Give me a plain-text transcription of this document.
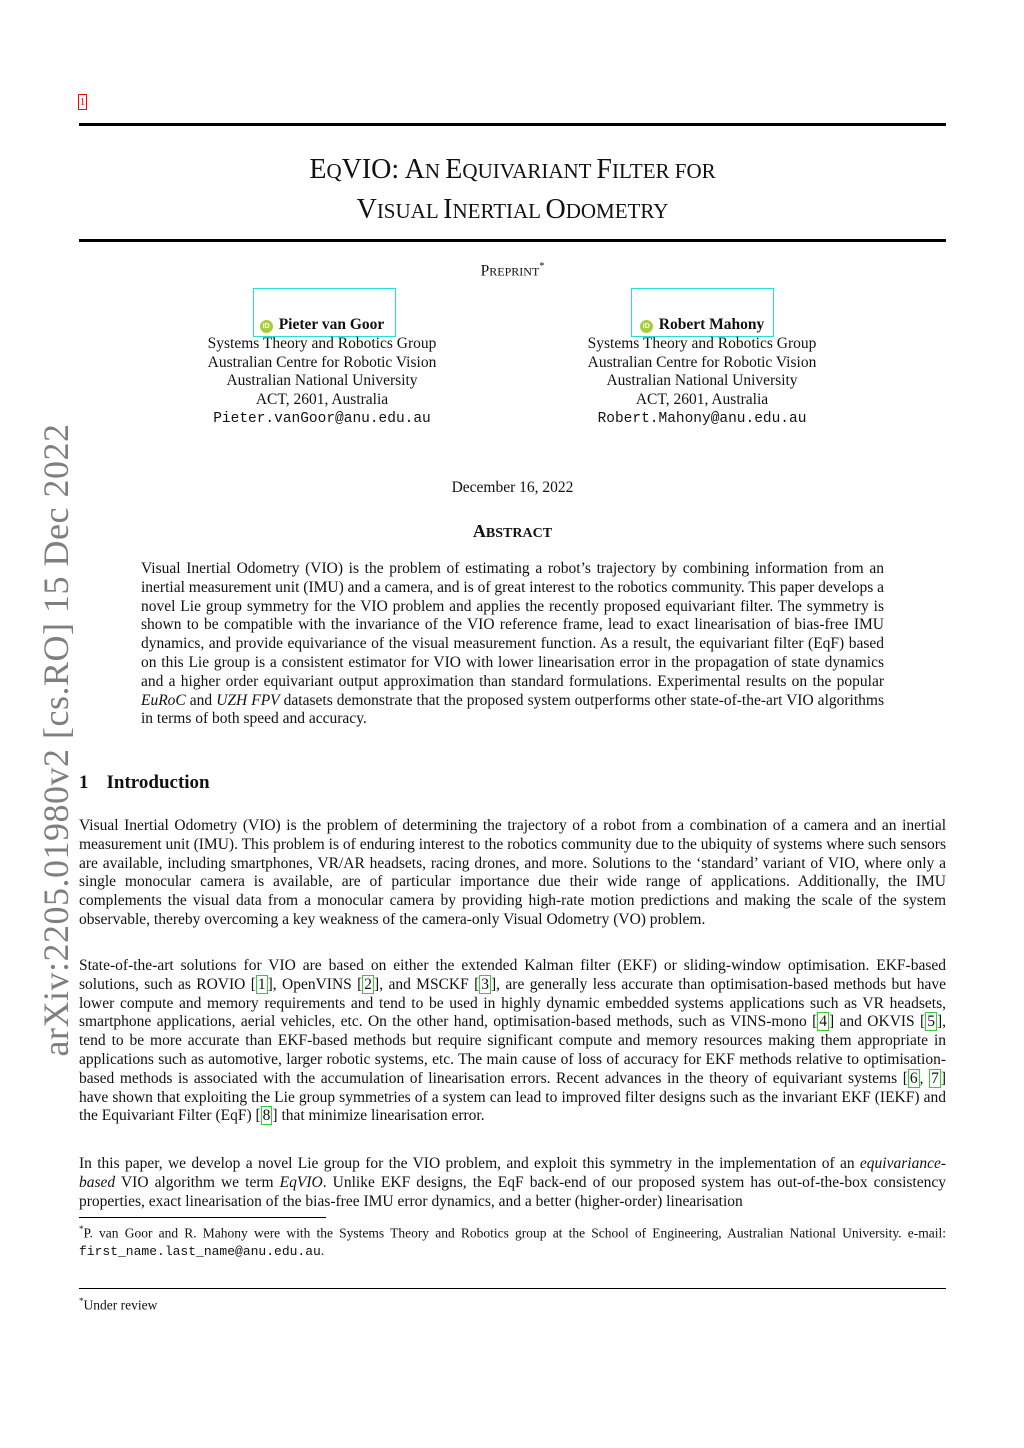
1
EQVIO: AN EQUIVARIANT FILTER FOR
VISUAL INERTIAL ODOMETRY
PREPRINT*
iD Pieter van Goor
Systems Theory and Robotics Group
Australian Centre for Robotic Vision
Australian National University
ACT, 2601, Australia
Pieter.vanGoor@anu.edu.au
iD Robert Mahony
Systems Theory and Robotics Group
Australian Centre for Robotic Vision
Australian National University
ACT, 2601, Australia
Robert.Mahony@anu.edu.au
December 16, 2022
ABSTRACT
Visual Inertial Odometry (VIO) is the problem of estimating a robot’s trajectory by combining information from an inertial measurement unit (IMU) and a camera, and is of great interest to the robotics community. This paper develops a novel Lie group symmetry for the VIO problem and applies the recently proposed equivariant filter. The symmetry is shown to be compatible with the invariance of the VIO reference frame, lead to exact linearisation of bias-free IMU dynamics, and provide equivariance of the visual measurement function. As a result, the equivariant filter (EqF) based on this Lie group is a consistent estimator for VIO with lower linearisation error in the propagation of state dynamics and a higher order equivariant output approximation than standard formulations. Experimental results on the popular EuRoC and UZH FPV datasets demonstrate that the proposed system outperforms other state-of-the-art VIO algorithms in terms of both speed and accuracy.
1 Introduction
Visual Inertial Odometry (VIO) is the problem of determining the trajectory of a robot from a combination of a camera and an inertial measurement unit (IMU). This problem is of enduring interest to the robotics community due to the ubiquity of systems where such sensors are available, including smartphones, VR/AR headsets, racing drones, and more. Solutions to the ‘standard’ variant of VIO, where only a single monocular camera is available, are of particular importance due their wide range of applications. Additionally, the IMU complements the visual data from a monocular camera by providing high-rate motion predictions and making the scale of the system observable, thereby overcoming a key weakness of the camera-only Visual Odometry (VO) problem.
State-of-the-art solutions for VIO are based on either the extended Kalman filter (EKF) or sliding-window optimisation. EKF-based solutions, such as ROVIO [ 1 ], OpenVINS [ 2 ], and MSCKF [ 3 ], are generally less accurate than optimisation-based methods but have lower compute and memory requirements and tend to be used in highly dynamic embedded systems applications such as VR headsets, smartphone applications, aerial vehicles, etc. On the other hand, optimisation-based methods, such as VINS-mono [ 4 ] and OKVIS [ 5 ], tend to be more accurate than EKF-based methods but require significant compute and memory resources making them appropriate in applications such as automotive, larger robotic systems, etc. The main cause of loss of accuracy for EKF methods relative to optimisation-based methods is associated with the accumulation of linearisation errors. Recent advances in the theory of equivariant systems [ 6 , 7 ] have shown that exploiting the Lie group symmetries of a system can lead to improved filter designs such as the invariant EKF (IEKF) and the Equivariant Filter (EqF) [ 8 ] that minimize linearisation error.
In this paper, we develop a novel Lie group for the VIO problem, and exploit this symmetry in the implementation of an equivariance-based VIO algorithm we term EqVIO. Unlike EKF designs, the EqF back-end of our proposed system has out-of-the-box consistency properties, exact linearisation of the bias-free IMU error dynamics, and a better (higher-order) linearisation
*P. van Goor and R. Mahony were with the Systems Theory and Robotics group at the School of Engineering, Australian National University. e-mail: first_name.last_name@anu.edu.au.
*Under review
arXiv:2205.01980v2 [cs.RO] 15 Dec 2022
